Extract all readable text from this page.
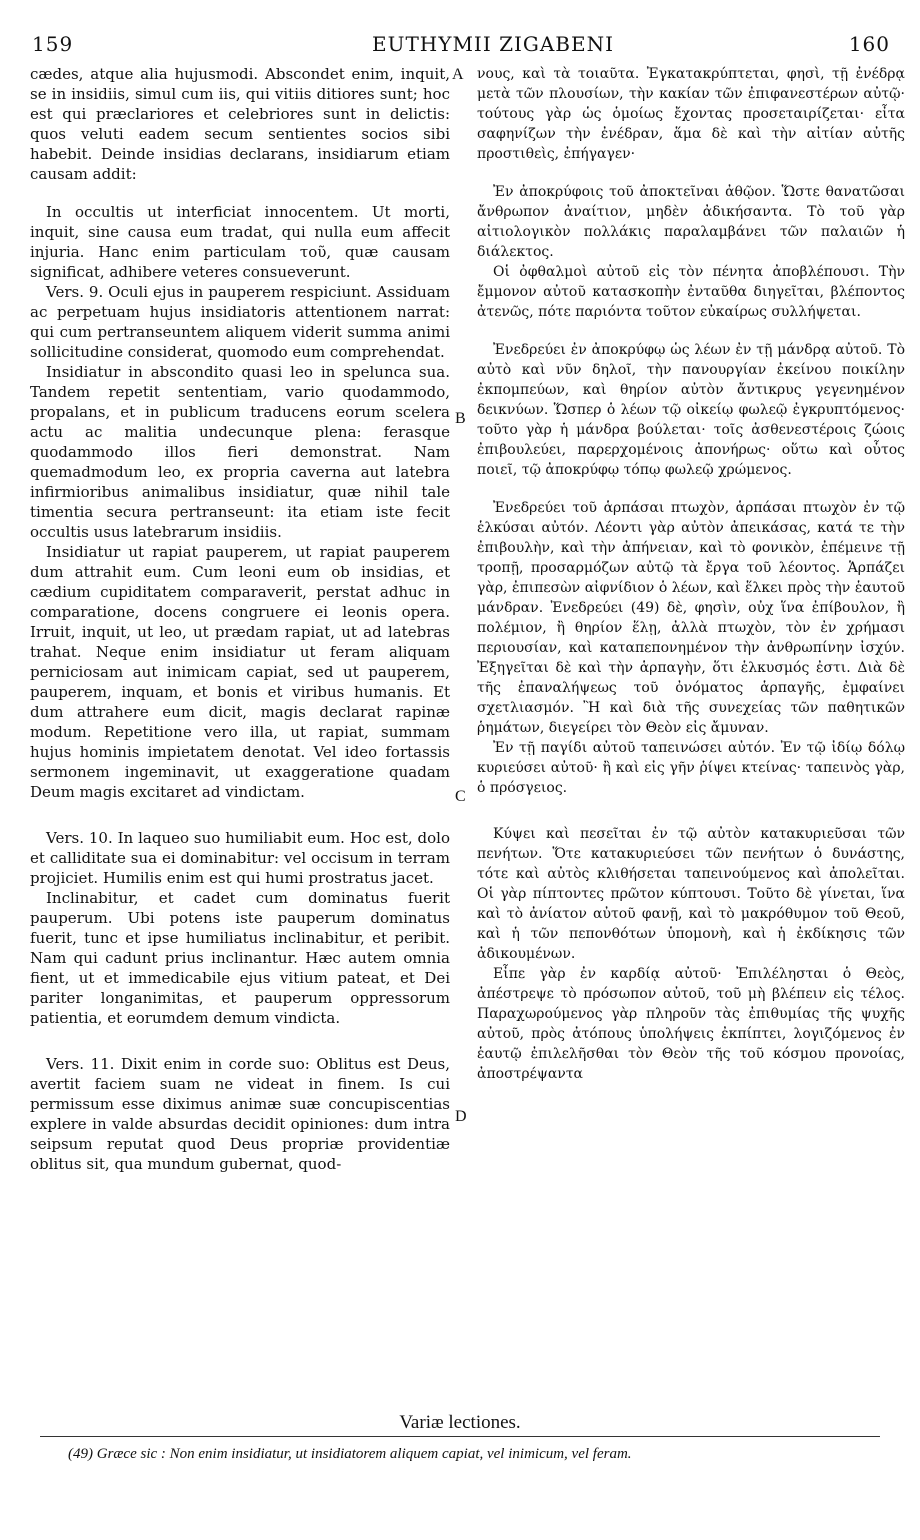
159	EUTHYMII ZIGABENI	160
A
B
C
D

cædes, atque alia hujusmodi. Abscondet enim, inquit, se in insidiis, simul cum iis, qui vitiis ditiores sunt; hoc est qui præclariores et celebriores sunt in delictis: quos veluti eadem secum sentientes socios sibi habebit. Deinde insidias declarans, insidiarum etiam causam addit:

In occultis ut interficiat innocentem. Ut morti, inquit, sine causa eum tradat, qui nulla eum affecit injuria. Hanc enim particulam τοῦ, quæ causam significat, adhibere veteres consueverunt.

Vers. 9. Oculi ejus in pauperem respiciunt. Assiduam ac perpetuam hujus insidiatoris attentionem narrat: qui cum pertranseuntem aliquem viderit summa animi sollicitudine considerat, quomodo eum comprehendat.

Insidiatur in abscondito quasi leo in spelunca sua. Tandem repetit sententiam, vario quodammodo, propalans, et in publicum traducens eorum scelera actu ac malitia undecunque plena: ferasque quodammodo illos fieri demonstrat. Nam quemadmodum leo, ex propria caverna aut latebra infirmioribus animalibus insidiatur, quæ nihil tale timentia secura pertranseunt: ita etiam iste fecit occultis usus latebrarum insidiis.

Insidiatur ut rapiat pauperem, ut rapiat pauperem dum attrahit eum. Cum leoni eum ob insidias, et cædium cupiditatem comparaverit, perstat adhuc in comparatione, docens congruere ei leonis opera. Irruit, inquit, ut leo, ut prædam rapiat, ut ad latebras trahat. Neque enim insidiatur ut feram aliquam perniciosam aut inimicam capiat, sed ut pauperem, pauperem, inquam, et bonis et viribus humanis. Et dum attrahere eum dicit, magis declarat rapinæ modum. Repetitione vero illa, ut rapiat, summam hujus hominis impietatem denotat. Vel ideo fortassis sermonem ingeminavit, ut exaggeratione quadam Deum magis excitaret ad vindictam.

Vers. 10. In laqueo suo humiliabit eum. Hoc est, dolo et calliditate sua ei dominabitur: vel occisum in terram projiciet. Humilis enim est qui humi prostratus jacet.

Inclinabitur, et cadet cum dominatus fuerit pauperum. Ubi potens iste pauperum dominatus fuerit, tunc et ipse humiliatus inclinabitur, et peribit. Nam qui cadunt prius inclinantur. Hæc autem omnia fient, ut et immedicabile ejus vitium pateat, et Dei pariter longanimitas, et pauperum oppressorum patientia, et eorumdem demum vindicta.

Vers. 11. Dixit enim in corde suo: Oblitus est Deus, avertit faciem suam ne videat in finem. Is cui permissum esse diximus animæ suæ concupiscentias explere in valde absurdas decidit opiniones: dum intra seipsum reputat quod Deus propriæ providentiæ oblitus sit, qua mundum gubernat, quod-

νους, καὶ τὰ τοιαῦτα. Ἐγκατακρύπτεται, φησὶ, τῇ ἐνέδρᾳ μετὰ τῶν πλουσίων, τὴν κακίαν τῶν ἐπιφανεστέρων αὐτῷ· τούτους γὰρ ὡς ὁμοίως ἔχοντας προσεταιρίζεται· εἶτα σαφηνίζων τὴν ἐνέδραν, ἅμα δὲ καὶ τὴν αἰτίαν αὐτῆς προστιθεὶς, ἐπήγαγεν·

Ἐν ἀποκρύφοις τοῦ ἀποκτεῖναι ἀθῷον. Ὥστε θανατῶσαι ἄνθρωπον ἀναίτιον, μηδὲν ἀδικήσαντα. Τὸ τοῦ γὰρ αἰτιολογικὸν πολλάκις παραλαμβάνει τῶν παλαιῶν ἡ διάλεκτος.

Οἱ ὀφθαλμοὶ αὐτοῦ εἰς τὸν πένητα ἀποβλέπουσι. Τὴν ἔμμονον αὐτοῦ κατασκοπὴν ἐνταῦθα διηγεῖται, βλέποντος ἀτενῶς, πότε παριόντα τοῦτον εὐκαίρως συλλήψεται.

Ἐνεδρεύει ἐν ἀποκρύφῳ ὡς λέων ἐν τῇ μάνδρᾳ αὐτοῦ. Τὸ αὐτὸ καὶ νῦν δηλοῖ, τὴν πανουργίαν ἐκείνου ποικίλην ἐκπομπεύων, καὶ θηρίον αὐτὸν ἄντικρυς γεγενημένον δεικνύων. Ὥσπερ ὁ λέων τῷ οἰκείῳ φωλεῷ ἐγκρυπτόμενος· τοῦτο γὰρ ἡ μάνδρα βούλεται· τοῖς ἀσθενεστέροις ζώοις ἐπιβουλεύει, παρερχομένοις ἀπονήρως· οὕτω καὶ οὗτος ποιεῖ, τῷ ἀποκρύφῳ τόπῳ φωλεῷ χρώμενος.

Ἐνεδρεύει τοῦ ἁρπάσαι πτωχὸν, ἁρπάσαι πτωχὸν ἐν τῷ ἑλκύσαι αὐτόν. Λέοντι γὰρ αὐτὸν ἀπεικάσας, κατά τε τὴν ἐπιβουλὴν, καὶ τὴν ἀπήνειαν, καὶ τὸ φονικὸν, ἐπέμεινε τῇ τροπῇ, προσαρμόζων αὐτῷ τὰ ἔργα τοῦ λέοντος. Ἁρπάζει γὰρ, ἐπιπεσὼν αἰφνίδιον ὁ λέων, καὶ ἕλκει πρὸς τὴν ἑαυτοῦ μάνδραν. Ἐνεδρεύει (49) δὲ, φησὶν, οὐχ ἵνα ἐπίβουλον, ἢ πολέμιον, ἢ θηρίον ἕλῃ, ἀλλὰ πτωχὸν, τὸν ἐν χρήμασι περιουσίαν, καὶ καταπεπονημένον τὴν ἀνθρωπίνην ἰσχύν. Ἐξηγεῖται δὲ καὶ τὴν ἁρπαγὴν, ὅτι ἑλκυσμός ἐστι. Διὰ δὲ τῆς ἐπαναλήψεως τοῦ ὀνόματος ἁρπαγῆς, ἐμφαίνει σχετλιασμόν. Ἢ καὶ διὰ τῆς συνεχείας τῶν παθητικῶν ῥημάτων, διεγείρει τὸν Θεὸν εἰς ἄμυναν.

Ἐν τῇ παγίδι αὐτοῦ ταπεινώσει αὐτόν. Ἐν τῷ ἰδίῳ δόλῳ κυριεύσει αὐτοῦ· ἢ καὶ εἰς γῆν ῥίψει κτείνας· ταπεινὸς γὰρ, ὁ πρόσγειος.

Κύψει καὶ πεσεῖται ἐν τῷ αὐτὸν κατακυριεῦσαι τῶν πενήτων. Ὅτε κατακυριεύσει τῶν πενήτων ὁ δυνάστης, τότε καὶ αὐτὸς κλιθήσεται ταπεινούμενος καὶ ἀπολεῖται. Οἱ γὰρ πίπτοντες πρῶτον κύπτουσι. Τοῦτο δὲ γίνεται, ἵνα καὶ τὸ ἀνίατον αὐτοῦ φανῇ, καὶ τὸ μακρόθυμον τοῦ Θεοῦ, καὶ ἡ τῶν πεπονθότων ὑπομονὴ, καὶ ἡ ἐκδίκησις τῶν ἀδικουμένων.

Εἶπε γὰρ ἐν καρδίᾳ αὐτοῦ· Ἐπιλέλησται ὁ Θεὸς, ἀπέστρεψε τὸ πρόσωπον αὐτοῦ, τοῦ μὴ βλέπειν εἰς τέλος. Παραχωρούμενος γὰρ πληροῦν τὰς ἐπιθυμίας τῆς ψυχῆς αὐτοῦ, πρὸς ἀτόπους ὑπολήψεις ἐκπίπτει, λογιζόμενος ἐν ἑαυτῷ ἐπιλελῆσθαι τὸν Θεὸν τῆς τοῦ κόσμου προνοίας, ἀποστρέψαντα

Variæ lectiones.
(49) Græce sic : Non enim insidiatur, ut insidiatorem aliquem capiat, vel inimicum, vel feram.
